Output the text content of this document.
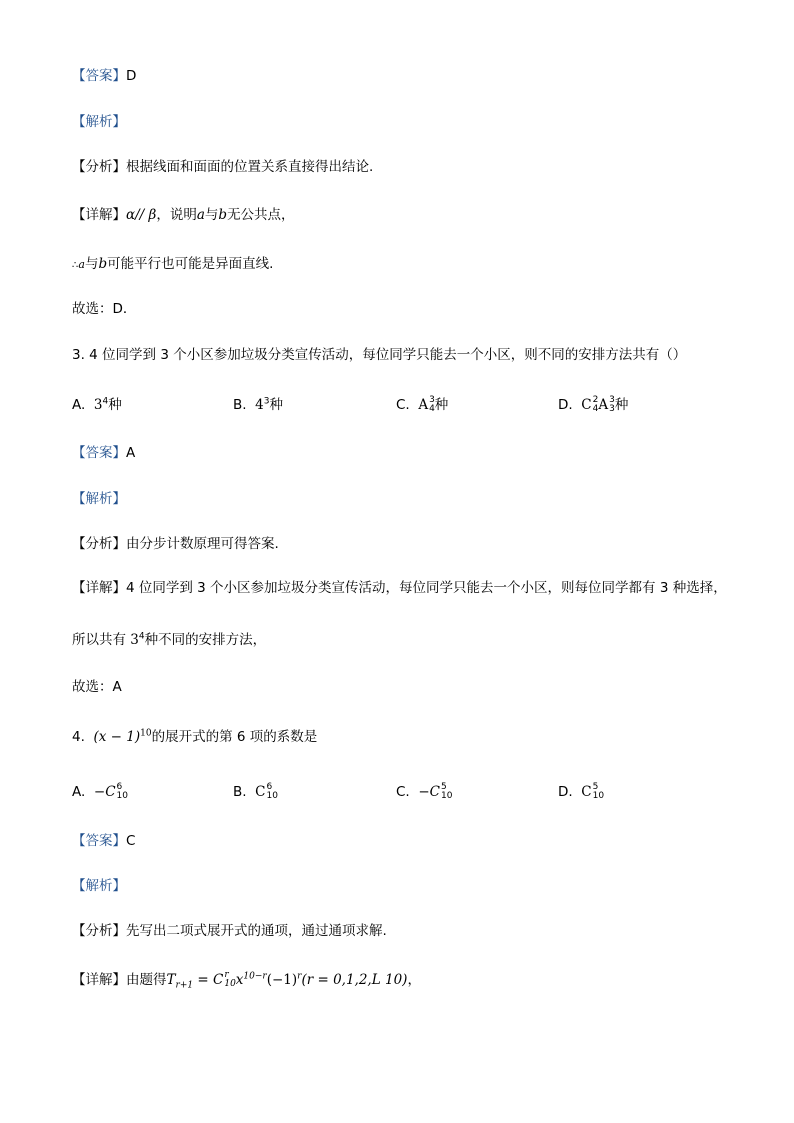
【答案】D
【解析】
【分析】根据线面和面面的位置关系直接得出结论.
【详解】α// β，说明a与b无公共点，
∴a与b可能平行也可能是异面直线.
故选：D．
3. 4 位同学到 3 个小区参加垃圾分类宣传活动，每位同学只能去一个小区，则不同的安排方法共有（）
A. $3^4$种	B. $4^3$种	C. A 3
4 种	D. C 2
4 A 3
3 种
【答案】A
【解析】
【分析】由分步计数原理可得答案.
【详解】4 位同学到 3 个小区参加垃圾分类宣传活动，每位同学只能去一个小区，则每位同学都有 3 种选择，
所以共有 $3^4$种不同的安排方法，
故选：A
4. $(x - 1)^{10}$的展开式的第 6 项的系数是
A. −C 6
10	B. C 6
10	C. −C 5
10	D. C 5
10
【答案】C
【解析】
【分析】先写出二项式展开式的通项，通过通项求解.
【详解】由题得$T_{r+1} = C$ r
10 $x^{10-r}(-1)^r(r = 0,1,2,L$ 10)，
